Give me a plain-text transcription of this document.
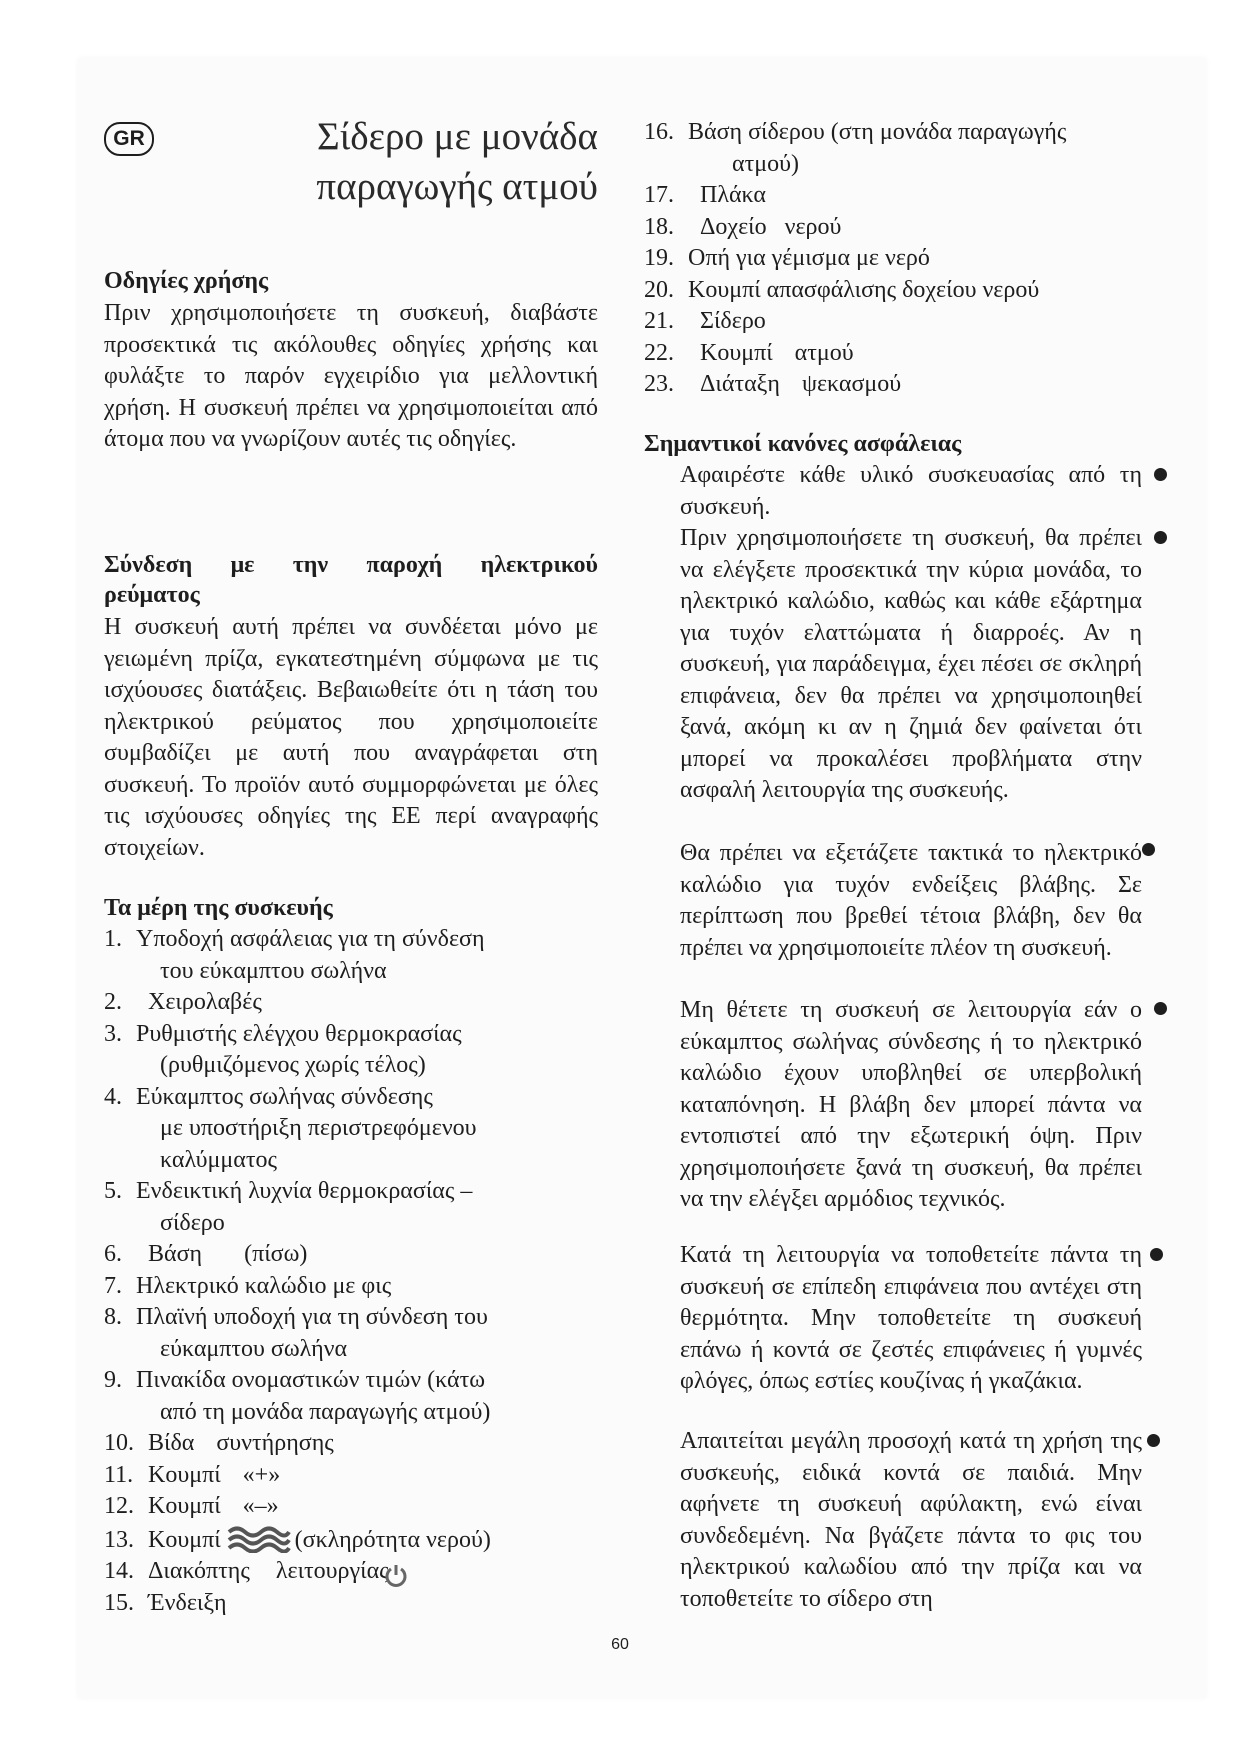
GR	Σίδερο με μονάδα
παραγωγής ατμού
Οδηγίες χρήσης

Πριν χρησιμοποιήσετε τη συσκευή, διαβάστε προσεκτικά τις ακόλουθες οδηγίες χρήσης και φυλάξτε το παρόν εγχειρίδιο για μελλοντική χρήση. Η συσκευή πρέπει να χρησιμοποιείται από άτομα που να γνωρίζουν αυτές τις οδηγίες.

Σύνδεση με την παροχή ηλεκτρικού
ρεύματος

Η συσκευή αυτή πρέπει να συνδέεται μόνο με γειωμένη πρίζα, εγκατεστημένη σύμφωνα με τις ισχύουσες διατάξεις. Βεβαιωθείτε ότι η τάση του ηλεκτρικού ρεύματος που χρησιμοποιείτε συμβαδίζει με αυτή που αναγράφεται στη συσκευή. Το προϊόν αυτό συμμορφώνεται με όλες τις ισχύουσες οδηγίες της ΕΕ περί αναγραφής στοιχείων.

Τα μέρη της συσκευής
1. Υποδοχή ασφάλειας για τη σύνδεση
του εύκαμπτου σωλήνα
2. Χειρολαβές
3. Ρυθμιστής ελέγχου θερμοκρασίας
(ρυθμιζόμενος χωρίς τέλος)
4. Εύκαμπτος σωλήνας σύνδεσης
με υποστήριξη περιστρεφόμενου
καλύμματος
5. Ενδεικτική λυχνία θερμοκρασίας –
σίδερο
6. Βάση (πίσω)
7. Ηλεκτρικό καλώδιο με φις
8. Πλαϊνή υποδοχή για τη σύνδεση του
εύκαμπτου σωλήνα
9. Πινακίδα ονομαστικών τιμών (κάτω
από τη μονάδα παραγωγής ατμού)
10. Βίδα συντήρησης
11. Κουμπί «+»
12. Κουμπί «–»
13. Κουμπί	(σκληρότητα νερού)
14. Διακόπτης λειτουργίας
15. Ένδειξη
16. Βάση σίδερου (στη μονάδα παραγωγής
ατμού)
17. Πλάκα
18. Δοχείο νερού
19. Οπή για γέμισμα με νερό
20. Κουμπί απασφάλισης δοχείου νερού
21. Σίδερο
22. Κουμπί ατμού
23. Διάταξη ψεκασμού
Σημαντικοί κανόνες ασφάλειας

Αφαιρέστε κάθε υλικό συσκευασίας από τη συσκευή.

Πριν χρησιμοποιήσετε τη συσκευή, θα πρέπει να ελέγξετε προσεκτικά την κύρια μονάδα, το ηλεκτρικό καλώδιο, καθώς και κάθε εξάρτημα για τυχόν ελαττώματα ή διαρροές. Αν η συσκευή, για παράδειγμα, έχει πέσει σε σκληρή επιφάνεια, δεν θα πρέπει να χρησιμοποιηθεί ξανά, ακόμη κι αν η ζημιά δεν φαίνεται ότι μπορεί να προκαλέσει προβλήματα στην ασφαλή λειτουργία της συσκευής.

Θα πρέπει να εξετάζετε τακτικά το ηλεκτρικό καλώδιο για τυχόν ενδείξεις βλάβης. Σε περίπτωση που βρεθεί τέτοια βλάβη, δεν θα πρέπει να χρησιμοποιείτε πλέον τη συσκευή.

Μη θέτετε τη συσκευή σε λειτουργία εάν ο εύκαμπτος σωλήνας σύνδεσης ή το ηλεκτρικό καλώδιο έχουν υποβληθεί σε υπερβολική καταπόνηση. Η βλάβη δεν μπορεί πάντα να εντοπιστεί από την εξωτερική όψη. Πριν χρησιμοποιήσετε ξανά τη συσκευή, θα πρέπει να την ελέγξει αρμόδιος τεχνικός.

Κατά τη λειτουργία να τοποθετείτε πάντα τη συσκευή σε επίπεδη επιφάνεια που αντέχει στη θερμότητα. Μην τοποθετείτε τη συσκευή επάνω ή κοντά σε ζεστές επιφάνειες ή γυμνές φλόγες, όπως εστίες κουζίνας ή γκαζάκια.

Απαιτείται μεγάλη προσοχή κατά τη χρήση της συσκευής, ειδικά κοντά σε παιδιά. Μην αφήνετε τη συσκευή αφύλακτη, ενώ είναι συνδεδεμένη. Να βγάζετε πάντα το φις του ηλεκτρικού καλωδίου από την πρίζα και να τοποθετείτε το σίδερο στη

60
